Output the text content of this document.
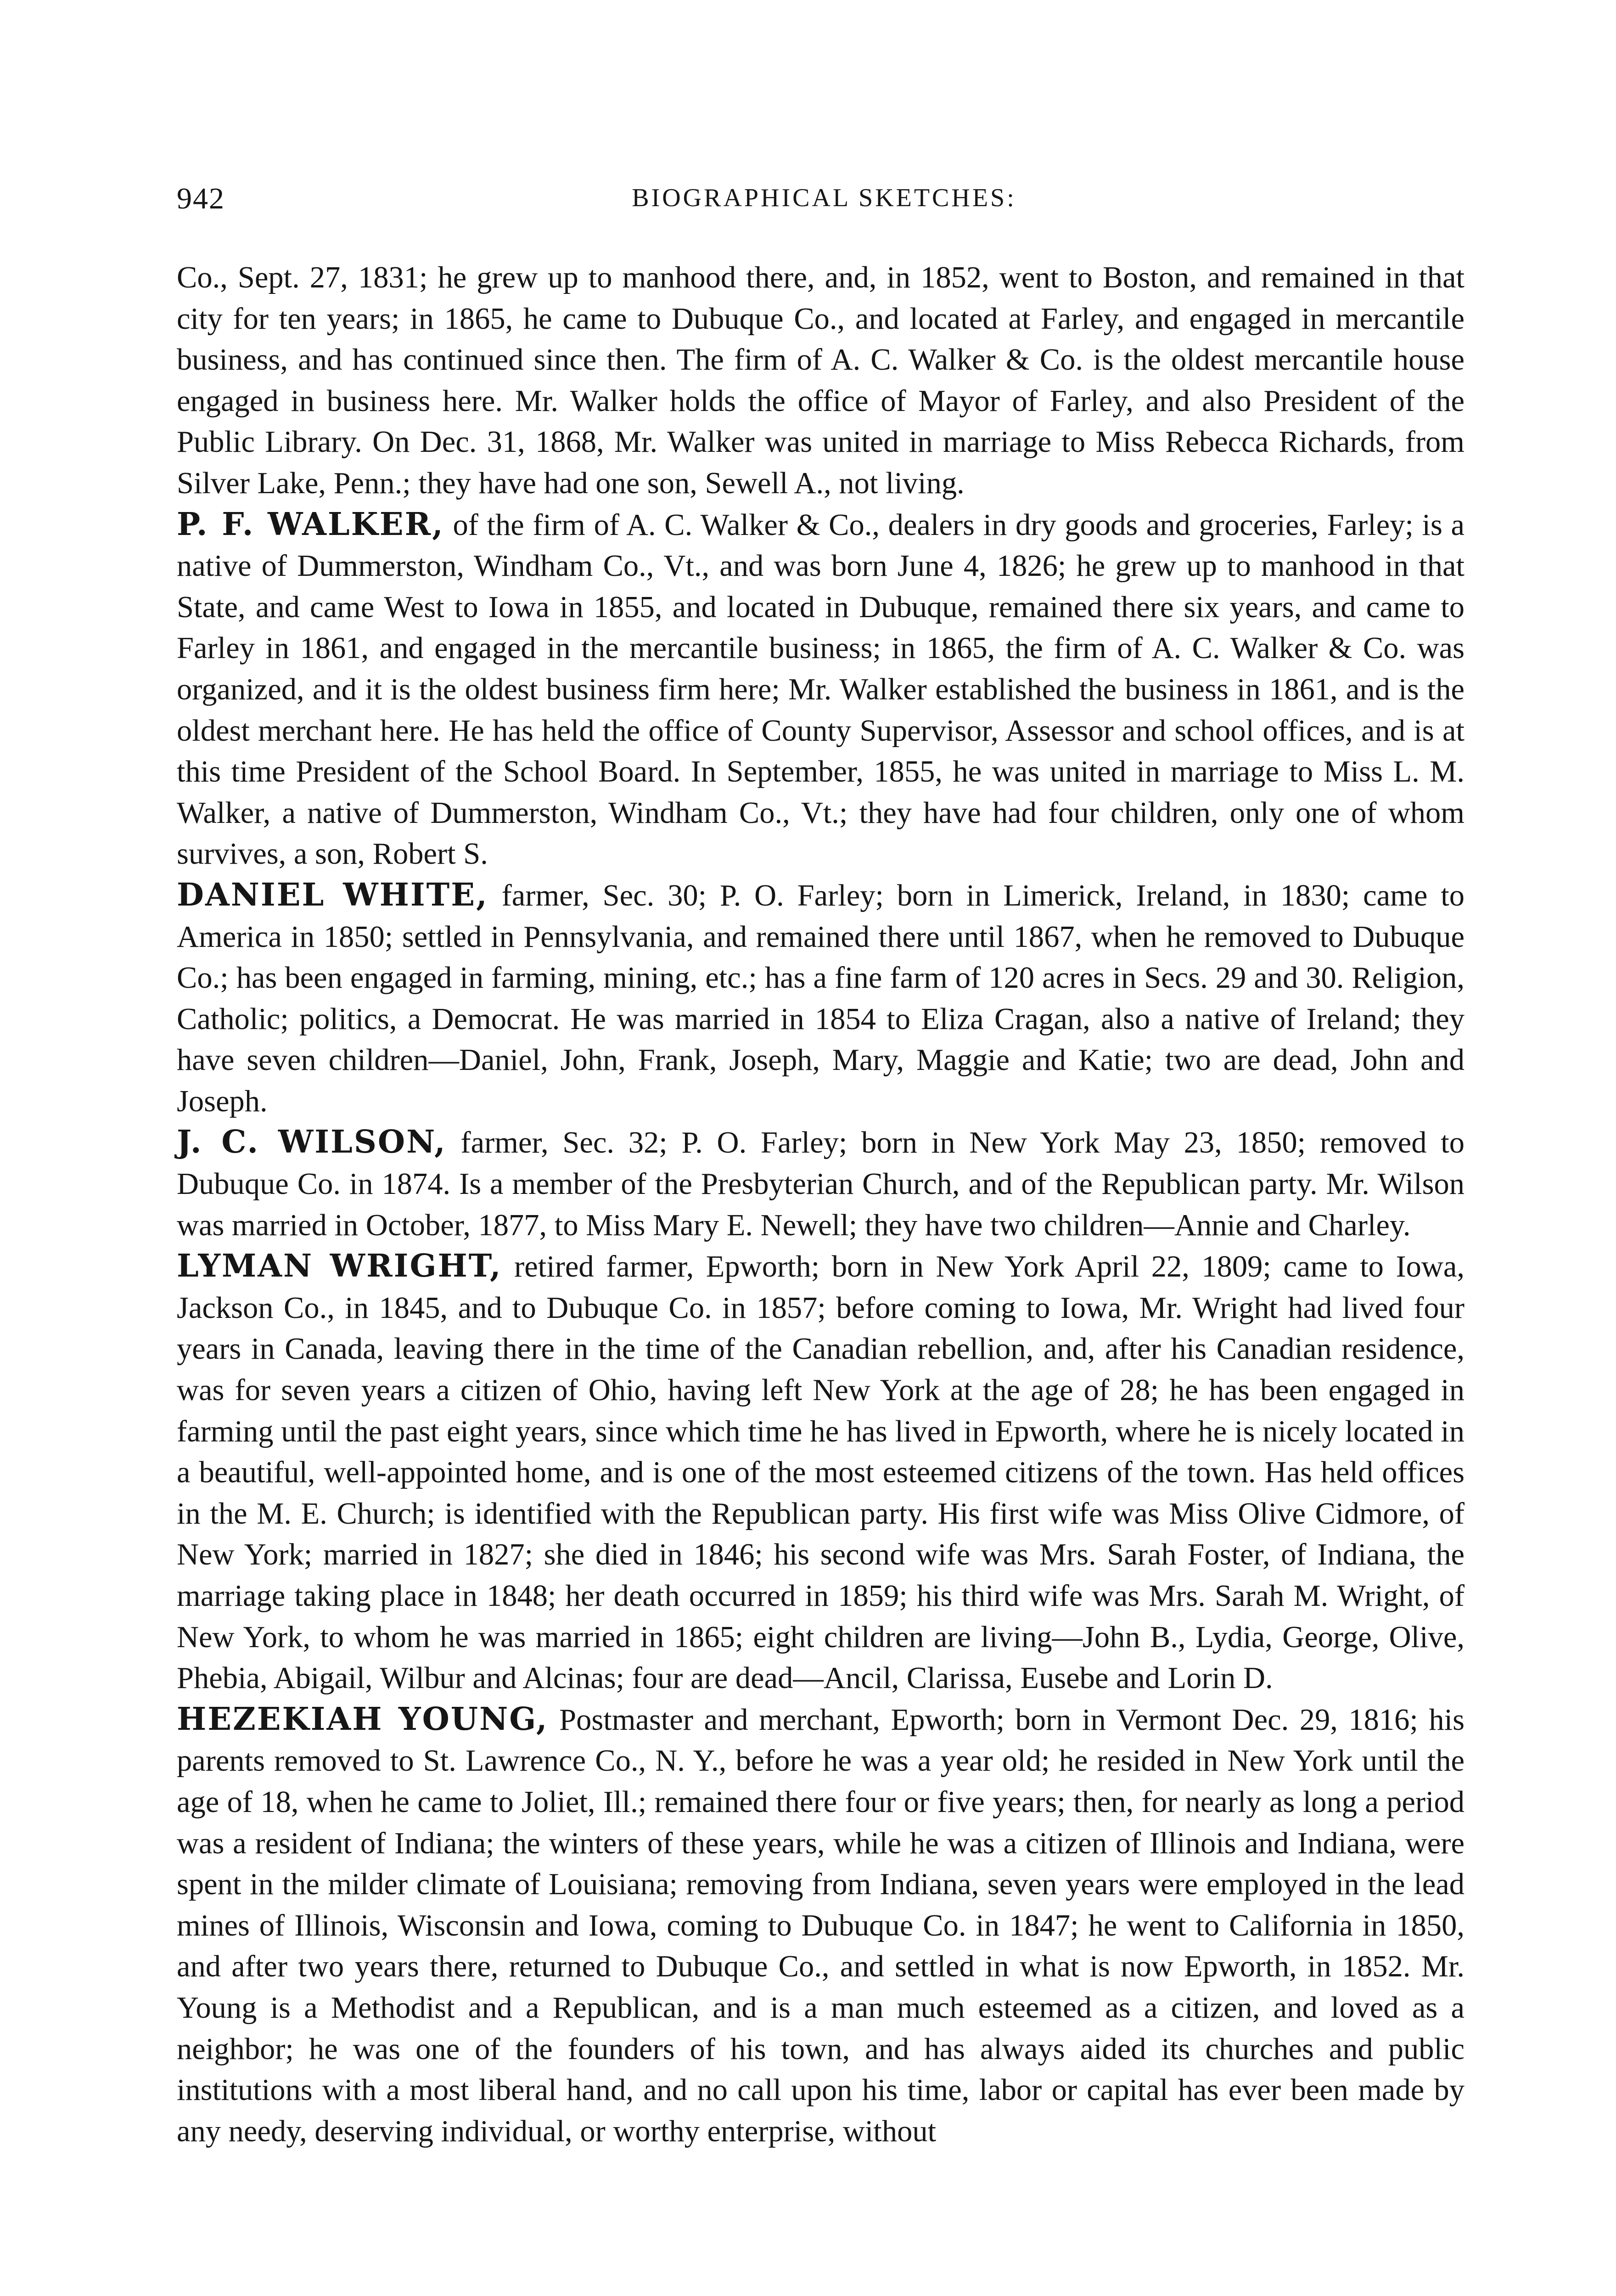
942	BIOGRAPHICAL SKETCHES:

Co., Sept. 27, 1831; he grew up to manhood there, and, in 1852, went to Boston, and remained in that city for ten years; in 1865, he came to Dubuque Co., and located at Farley, and engaged in mercantile business, and has continued since then. The firm of A. C. Walker & Co. is the oldest mercantile house engaged in business here. Mr. Walker holds the office of Mayor of Farley, and also President of the Public Library. On Dec. 31, 1868, Mr. Walker was united in marriage to Miss Rebecca Richards, from Silver Lake, Penn.; they have had one son, Sewell A., not living.

P. F. WALKER, of the firm of A. C. Walker & Co., dealers in dry goods and groceries, Farley; is a native of Dummerston, Windham Co., Vt., and was born June 4, 1826; he grew up to manhood in that State, and came West to Iowa in 1855, and located in Dubuque, remained there six years, and came to Farley in 1861, and engaged in the mercantile business; in 1865, the firm of A. C. Walker & Co. was organized, and it is the oldest business firm here; Mr. Walker established the business in 1861, and is the oldest merchant here. He has held the office of County Supervisor, Assessor and school offices, and is at this time President of the School Board. In September, 1855, he was united in marriage to Miss L. M. Walker, a native of Dummerston, Windham Co., Vt.; they have had four children, only one of whom survives, a son, Robert S.

DANIEL WHITE, farmer, Sec. 30; P. O. Farley; born in Limerick, Ireland, in 1830; came to America in 1850; settled in Pennsylvania, and remained there until 1867, when he removed to Dubuque Co.; has been engaged in farming, mining, etc.; has a fine farm of 120 acres in Secs. 29 and 30. Religion, Catholic; politics, a Democrat. He was married in 1854 to Eliza Cragan, also a native of Ireland; they have seven children—Daniel, John, Frank, Joseph, Mary, Maggie and Katie; two are dead, John and Joseph.

J. C. WILSON, farmer, Sec. 32; P. O. Farley; born in New York May 23, 1850; removed to Dubuque Co. in 1874. Is a member of the Presbyterian Church, and of the Republican party. Mr. Wilson was married in October, 1877, to Miss Mary E. Newell; they have two children—Annie and Charley.

LYMAN WRIGHT, retired farmer, Epworth; born in New York April 22, 1809; came to Iowa, Jackson Co., in 1845, and to Dubuque Co. in 1857; before coming to Iowa, Mr. Wright had lived four years in Canada, leaving there in the time of the Canadian rebellion, and, after his Canadian residence, was for seven years a citizen of Ohio, having left New York at the age of 28; he has been engaged in farming until the past eight years, since which time he has lived in Epworth, where he is nicely located in a beautiful, well-appointed home, and is one of the most esteemed citizens of the town. Has held offices in the M. E. Church; is identified with the Republican party. His first wife was Miss Olive Cidmore, of New York; married in 1827; she died in 1846; his second wife was Mrs. Sarah Foster, of Indiana, the marriage taking place in 1848; her death occurred in 1859; his third wife was Mrs. Sarah M. Wright, of New York, to whom he was married in 1865; eight children are living—John B., Lydia, George, Olive, Phebia, Abigail, Wilbur and Alcinas; four are dead—Ancil, Clarissa, Eusebe and Lorin D.

HEZEKIAH YOUNG, Postmaster and merchant, Epworth; born in Vermont Dec. 29, 1816; his parents removed to St. Lawrence Co., N. Y., before he was a year old; he resided in New York until the age of 18, when he came to Joliet, Ill.; remained there four or five years; then, for nearly as long a period was a resident of Indiana; the winters of these years, while he was a citizen of Illinois and Indiana, were spent in the milder climate of Louisiana; removing from Indiana, seven years were employed in the lead mines of Illinois, Wisconsin and Iowa, coming to Dubuque Co. in 1847; he went to California in 1850, and after two years there, returned to Dubuque Co., and settled in what is now Epworth, in 1852. Mr. Young is a Methodist and a Republican, and is a man much esteemed as a citizen, and loved as a neighbor; he was one of the founders of his town, and has always aided its churches and public institutions with a most liberal hand, and no call upon his time, labor or capital has ever been made by any needy, deserving individual, or worthy enterprise, without
